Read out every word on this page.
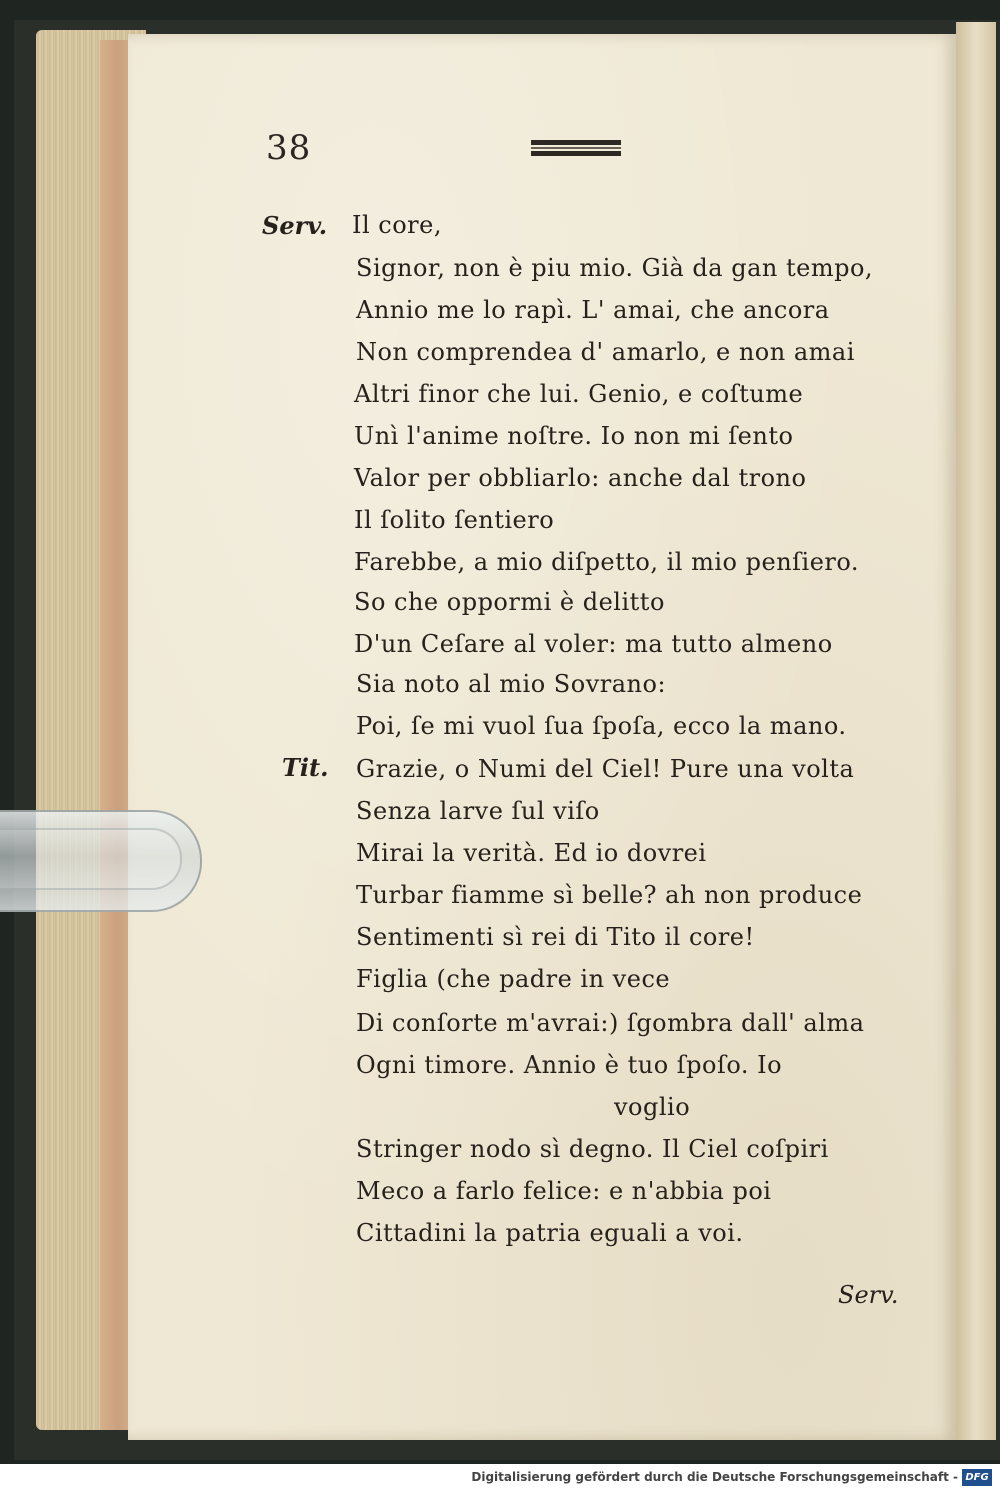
38
Serv. Il core,
Signor, non è piu mio. Già da gan tempo,
Annio me lo rapì. L' amai, che ancora
Non comprendea d' amarlo, e non amai
Altri finor che lui. Genio, e coſtume
Unì l'anime noſtre. Io non mi ſento
Valor per obbliarlo: anche dal trono
Il ſolito ſentiero
Farebbe, a mio diſpetto, il mio penſiero.
So che oppormi è delitto
D'un Ceſare al voler: ma tutto almeno
Sia noto al mio Sovrano:
Poi, ſe mi vuol ſua ſpoſa, ecco la mano.
Tit. Grazie, o Numi del Ciel! Pure una volta
Senza larve ſul viſo
Mirai la verità. Ed io dovrei
Turbar fiamme sì belle? ah non produce
Sentimenti sì rei di Tito il core!
Figlia (che padre in vece
Di conſorte m'avrai:) ſgombra dall' alma
Ogni timore. Annio è tuo ſpoſo. Io
voglio
Stringer nodo sì degno. Il Ciel coſpiri
Meco a farlo felice: e n'abbia poi
Cittadini la patria eguali a voi.
Serv.
Digitalisierung gefördert durch die Deutsche Forschungsgemeinschaft - DFG
